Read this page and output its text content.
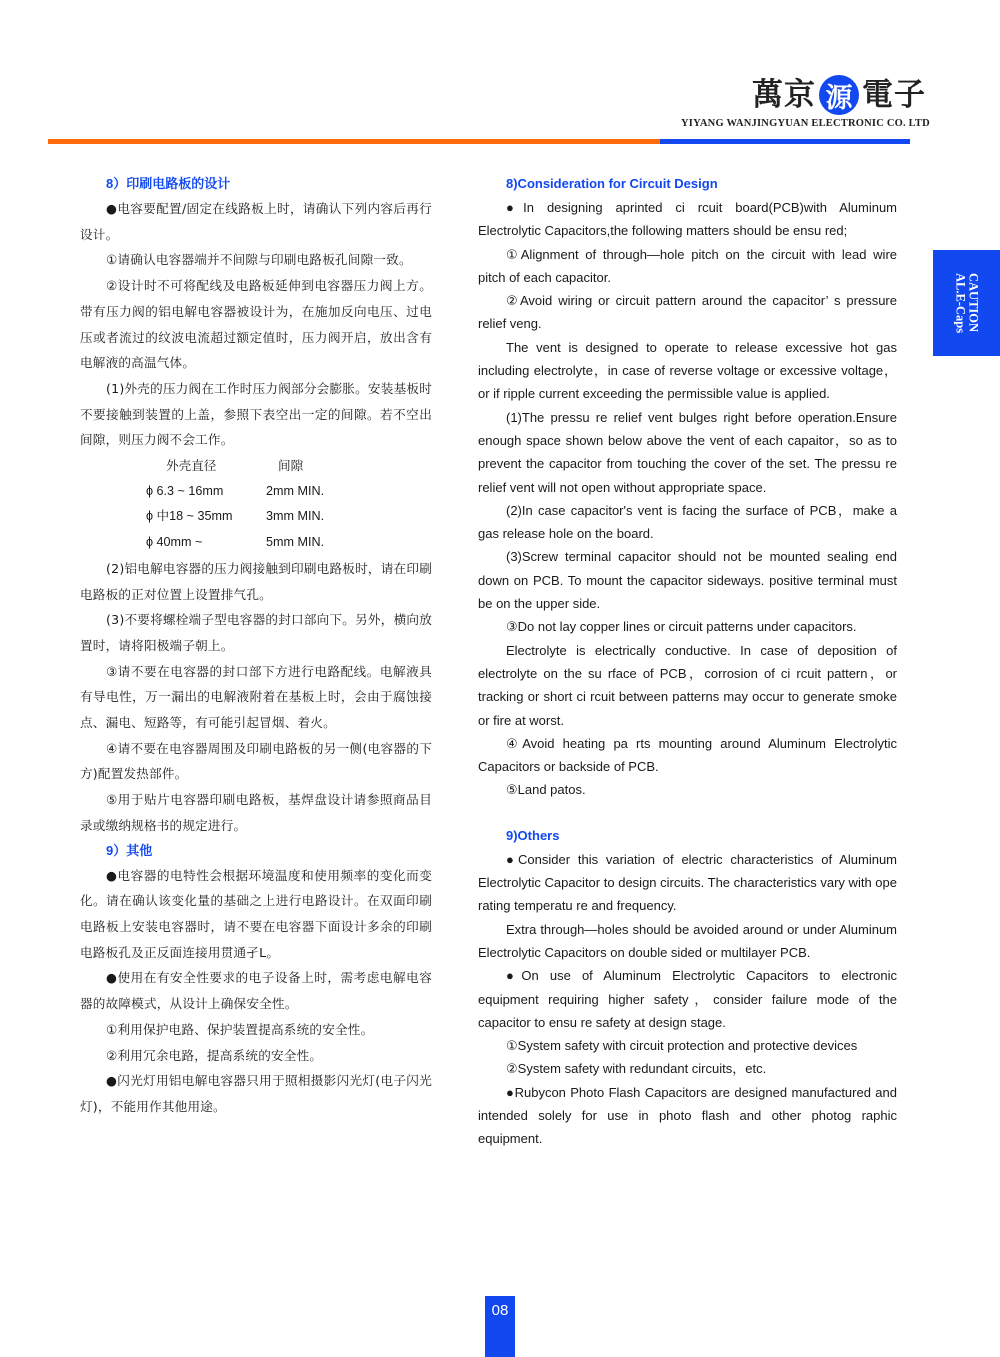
萬 京 源 電 子
YIYANG WANJINGYUAN ELECTRONIC CO. LTD
CAUTION
AL.E-Caps
8）印刷电路板的设计
●电容要配置/固定在线路板上时，请确认下列内容后再行设计。
①请确认电容器端并不间隙与印刷电路板孔间隙一致。
②设计时不可将配线及电路板延伸到电容器压力阀上方。带有压力阀的铝电解电容器被设计为，在施加反向电压、过电压或者流过的纹波电流超过额定值时，压力阀开启，放出含有电解液的高温气体。
(1)外壳的压力阀在工作时压力阀部分会膨胀。安装基板时不要接触到装置的上盖，参照下表空出一定的间隙。若不空出间隙，则压力阀不会工作。
外壳直径	间隙
ϕ 6.3 ~ 16mm	2mm MIN.
ϕ 中18 ~ 35mm	3mm MIN.
ϕ 40mm ~	5mm MIN.
(2)铝电解电容器的压力阀接触到印刷电路板时，请在印刷电路板的正对位置上设置排气孔。
(3)不要将螺栓端子型电容器的封口部向下。另外，横向放置时，请将阳极端子朝上。
③请不要在电容器的封口部下方进行电路配线。电解液具有导电性，万一漏出的电解液附着在基板上时，会由于腐蚀接点、漏电、短路等，有可能引起冒烟、着火。
④请不要在电容器周围及印刷电路板的另一侧(电容器的下方)配置发热部件。
⑤用于贴片电容器印刷电路板，基焊盘设计请参照商品目录或缴纳规格书的规定进行。
9）其他
●电容器的电特性会根据环境温度和使用频率的变化而变化。请在确认该变化量的基础之上进行电路设计。在双面印刷电路板上安装电容器时，请不要在电容器下面设计多余的印刷电路板孔及正反面连接用贯通孑L。
●使用在有安全性要求的电子设备上时，需考虑电解电容器的故障模式，从设计上确保安全性。
①利用保护电路、保护装置提高系统的安全性。
②利用冗余电路，提高系统的安全性。
●闪光灯用铝电解电容器只用于照相摄影闪光灯(电子闪光灯)，不能用作其他用途。
8)Consideration for Circuit Design
●In designing aprinted ci rcuit board(PCB)with Aluminum Electrolytic Capacitors,the following matters should be ensu red;
①Alignment of through—hole pitch on the circuit with lead wire pitch of each capacitor.
②Avoid wiring or circuit pattern around the capacitor’ s pressure relief veng.
The vent is designed to operate to release excessive hot gas including electrolyte，in case of reverse voltage or excessive voltage，or if ripple current exceeding the permissible value is applied.
(1)The pressu re relief vent bulges right before operation.Ensure enough space shown below above the vent of each capaitor，so as to prevent the capacitor from touching the cover of the set. The pressu re relief vent will not open without appropriate space.
(2)In case capacitor's vent is facing the surface of PCB，make a gas release hole on the board.
(3)Screw terminal capacitor should not be mounted sealing end down on PCB. To mount the capacitor sideways. positive terminal must be on the upper side.
③Do not lay copper lines or circuit patterns under capacitors.
Electrolyte is electrically conductive. In case of deposition of electrolyte on the su rface of PCB，corrosion of ci rcuit pattern，or tracking or short ci rcuit between patterns may occur to generate smoke or fire at worst.
④Avoid heating pa rts mounting around Aluminum Electrolytic Capacitors or backside of PCB.
⑤Land patos.
9)Others
●Consider this variation of electric characteristics of Aluminum Electrolytic Capacitor to design circuits. The characteristics vary with ope rating temperatu re and frequency.
Extra through—holes should be avoided around or under Aluminum Electrolytic Capacitors on double sided or multilayer PCB.
●On use of Aluminum Electrolytic Capacitors to electronic equipment requiring higher safety，consider failure mode of the capacitor to ensu re safety at design stage.
①System safety with circuit protection and protective devices
②System safety with redundant circuits，etc.
●Rubycon Photo Flash Capacitors are designed manufactured and intended solely for use in photo flash and other photog raphic equipment.
08
